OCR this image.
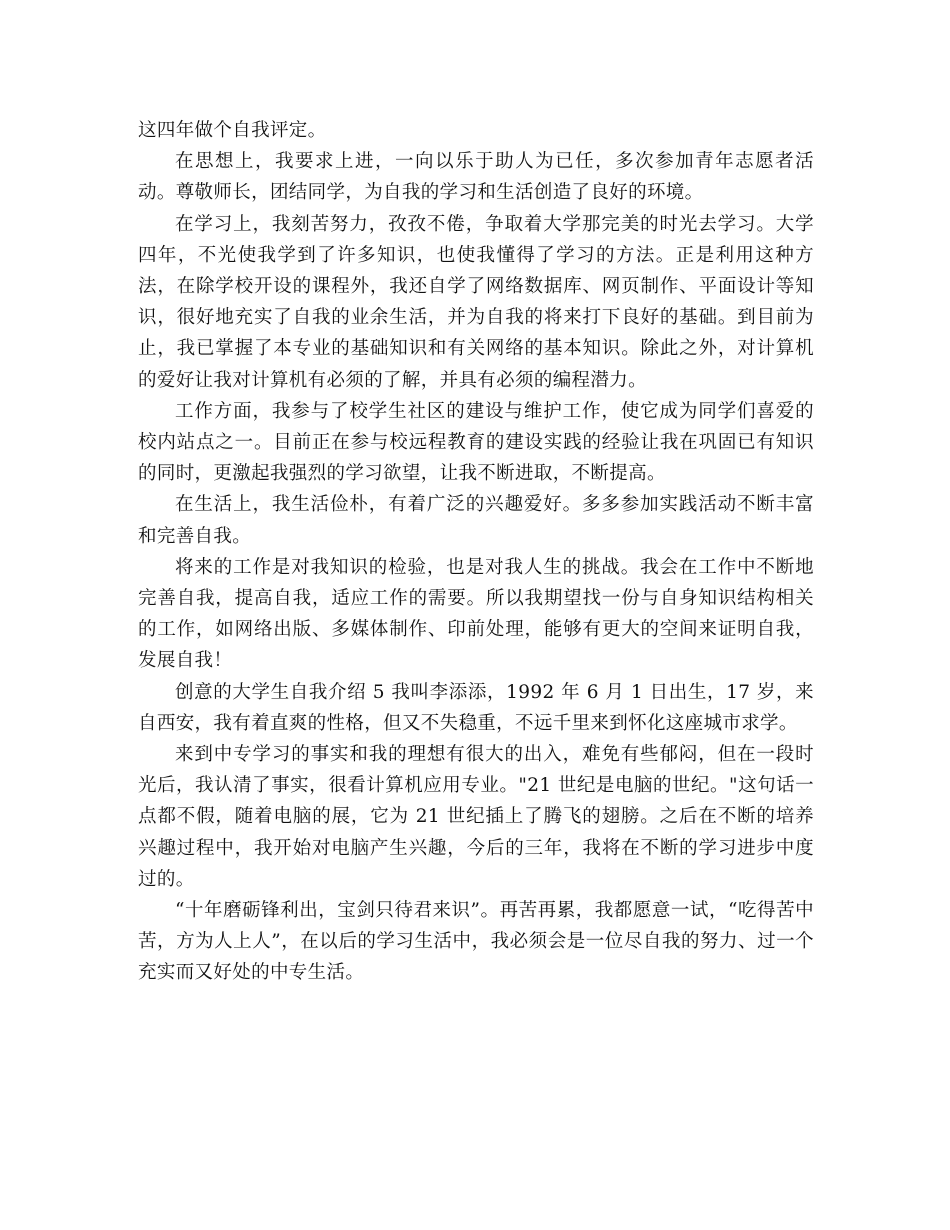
这四年做个自我评定。

在思想上，我要求上进，一向以乐于助人为已任，多次参加青年志愿者活动。尊敬师长，团结同学，为自我的学习和生活创造了良好的环境。

在学习上，我刻苦努力，孜孜不倦，争取着大学那完美的时光去学习。大学四年，不光使我学到了许多知识，也使我懂得了学习的方法。正是利用这种方法，在除学校开设的课程外，我还自学了网络数据库、网页制作、平面设计等知识，很好地充实了自我的业余生活，并为自我的将来打下良好的基础。到目前为止，我已掌握了本专业的基础知识和有关网络的基本知识。除此之外，对计算机的爱好让我对计算机有必须的了解，并具有必须的编程潜力。

工作方面，我参与了校学生社区的建设与维护工作，使它成为同学们喜爱的校内站点之一。目前正在参与校远程教育的建设实践的经验让我在巩固已有知识的同时，更激起我强烈的学习欲望，让我不断进取，不断提高。

在生活上，我生活俭朴，有着广泛的兴趣爱好。多多参加实践活动不断丰富和完善自我。

将来的工作是对我知识的检验，也是对我人生的挑战。我会在工作中不断地完善自我，提高自我，适应工作的需要。所以我期望找一份与自身知识结构相关的工作，如网络出版、多媒体制作、印前处理，能够有更大的空间来证明自我，发展自我！

创意的大学生自我介绍 5 我叫李添添，1992 年 6 月 1 日出生，17 岁，来自西安，我有着直爽的性格，但又不失稳重，不远千里来到怀化这座城市求学。

来到中专学习的事实和我的理想有很大的出入，难免有些郁闷，但在一段时光后，我认清了事实，很看计算机应用专业。"21 世纪是电脑的世纪。"这句话一点都不假，随着电脑的展，它为 21 世纪插上了腾飞的翅膀。之后在不断的培养兴趣过程中，我开始对电脑产生兴趣，今后的三年，我将在不断的学习进步中度过的。

“十年磨砺锋利出，宝剑只待君来识”。再苦再累，我都愿意一试，“吃得苦中苦，方为人上人”，在以后的学习生活中，我必须会是一位尽自我的努力、过一个充实而又好处的中专生活。
